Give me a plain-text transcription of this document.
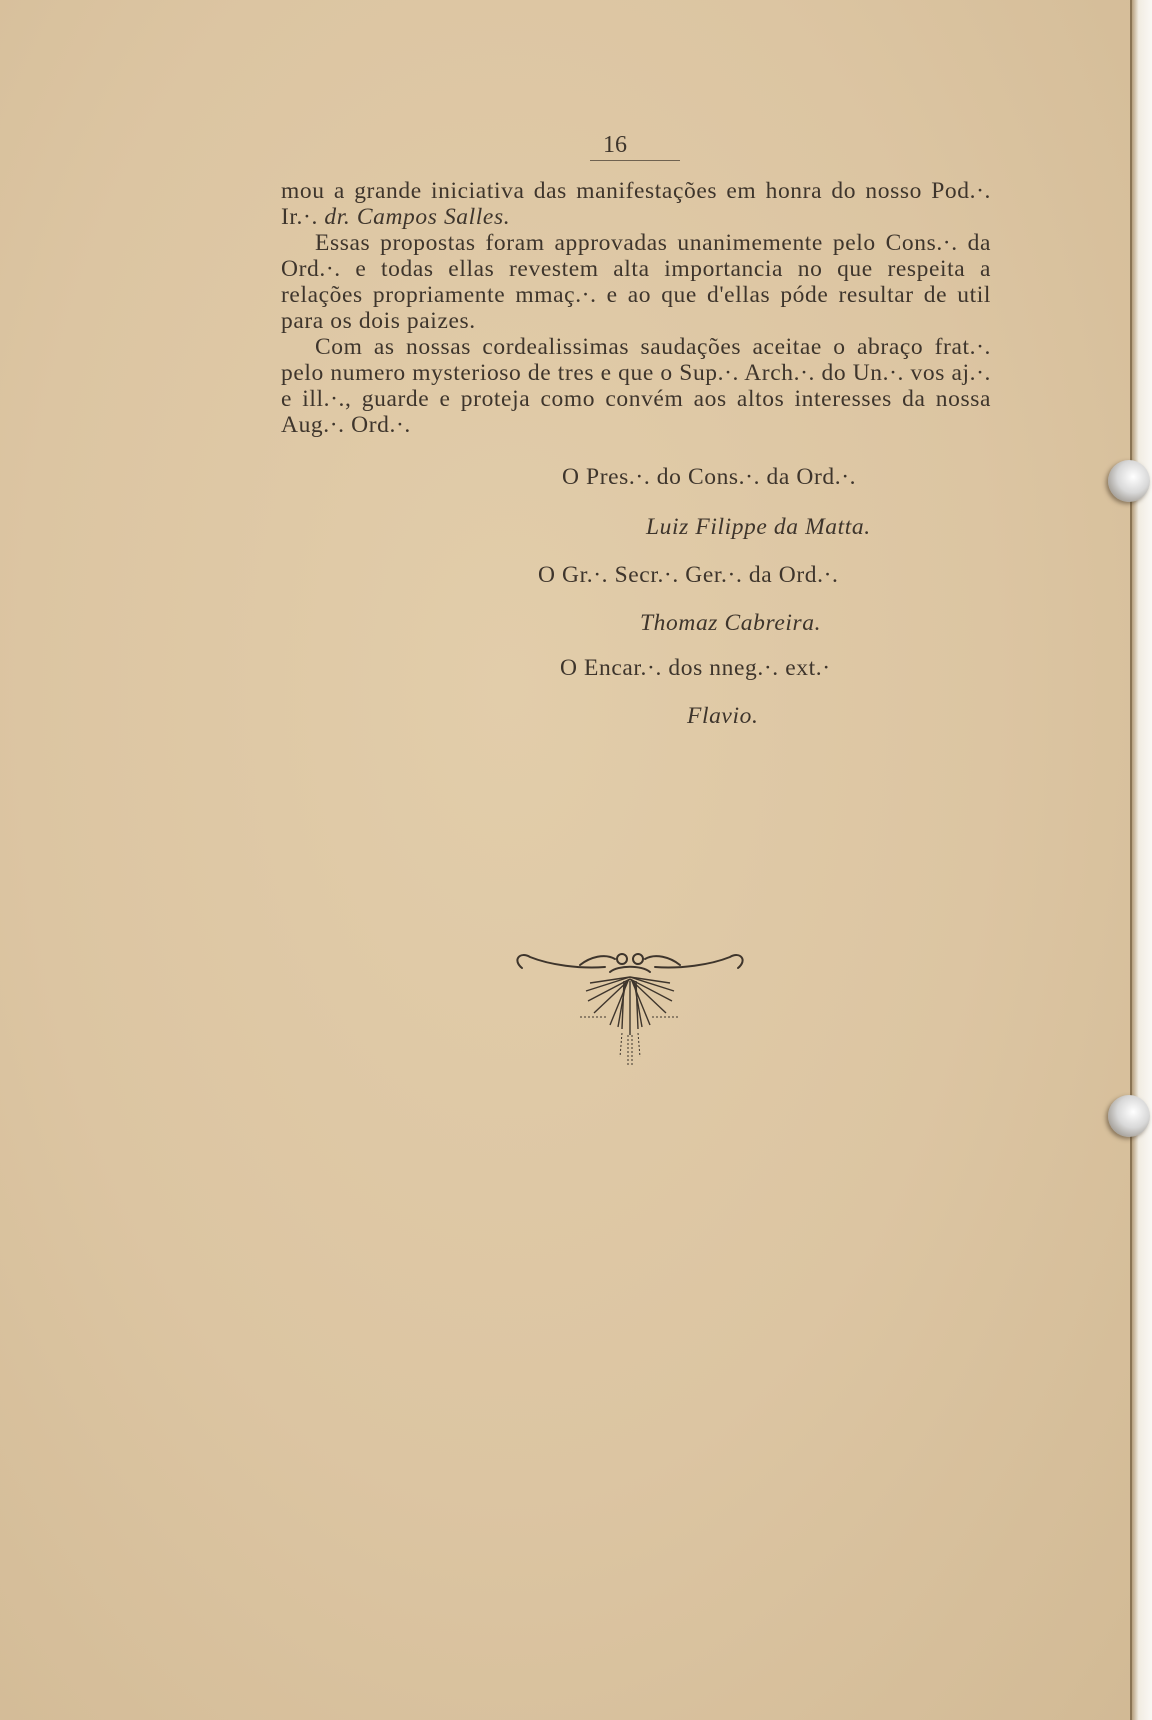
16

mou a grande iniciativa das manifestações em honra do nosso Pod.·. Ir.·. dr. Campos Salles.

Essas propostas foram approvadas unanimemente pelo Cons.·. da Ord.·. e todas ellas revestem alta importancia no que respeita a relações propriamente mmaç.·. e ao que d'ellas póde resultar de util para os dois paizes.

Com as nossas cordealissimas saudações aceitae o abraço frat.·. pelo numero mysterioso de tres e que o Sup.·. Arch.·. do Un.·. vos aj.·. e ill.·., guarde e proteja como convém aos altos interesses da nossa Aug.·. Ord.·.

O Pres.·. do Cons.·. da Ord.·.
Luiz Filippe da Matta.
O Gr.·. Secr.·. Ger.·. da Ord.·.
Thomaz Cabreira.
O Encar.·. dos nneg.·. ext.·
Flavio.
